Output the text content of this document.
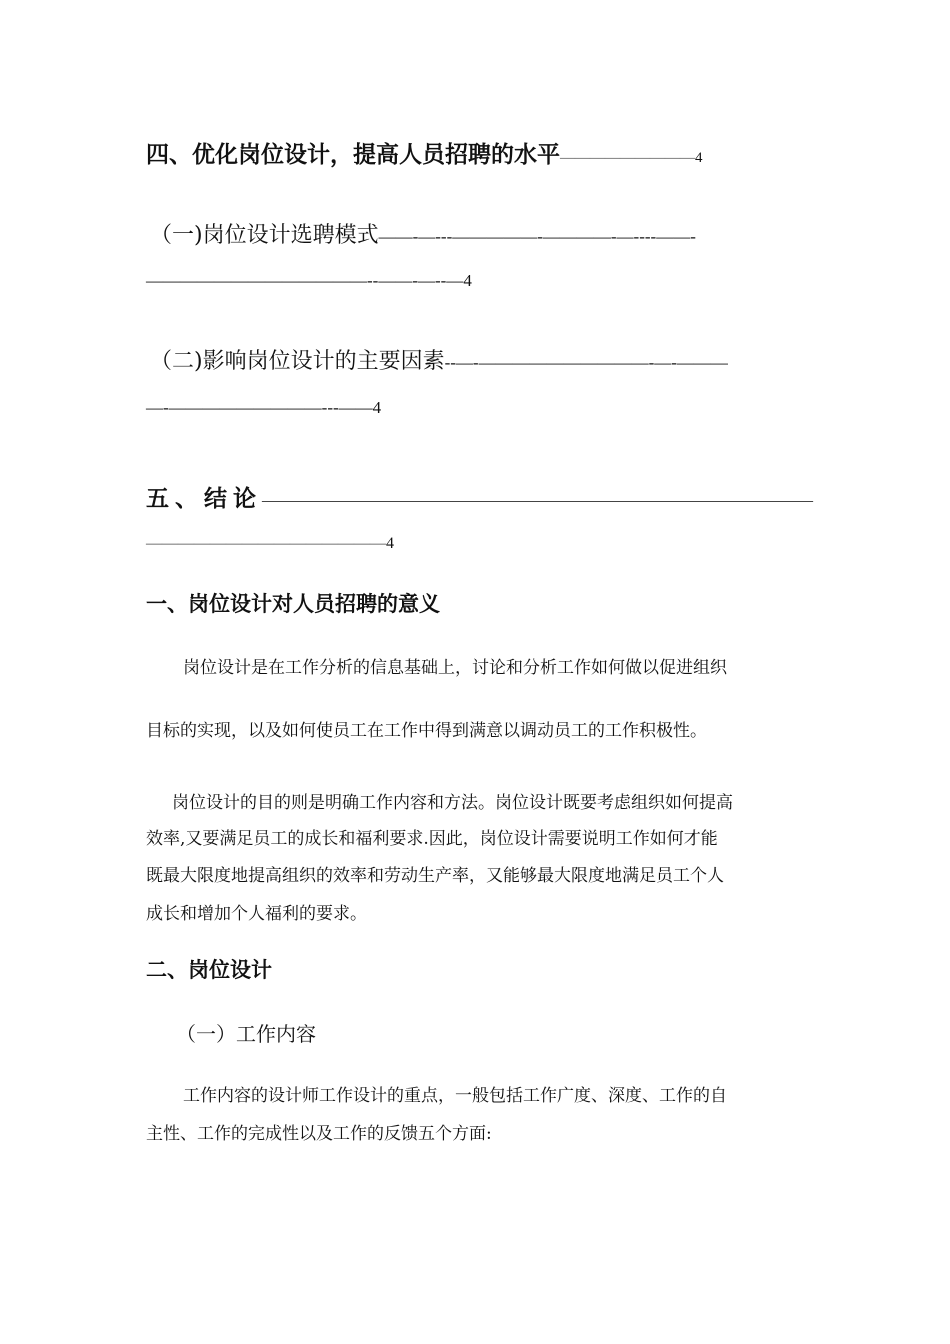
四、优化岗位设计，提高人员招聘的水平—————————4
（一)岗位设计选聘模式——-—---—————-————-—----——-
—————————————--——-—--—4
（二)影响岗位设计的主要因素--—-——————————-—-———
—-—————————---——4
五、结论—————————————————————————————
———————————————4
一、岗位设计对人员招聘的意义
岗位设计是在工作分析的信息基础上，讨论和分析工作如何做以促进组织
目标的实现，以及如何使员工在工作中得到满意以调动员工的工作积极性。
岗位设计的目的则是明确工作内容和方法。岗位设计既要考虑组织如何提高
效率,又要满足员工的成长和福利要求.因此，岗位设计需要说明工作如何才能
既最大限度地提高组织的效率和劳动生产率，又能够最大限度地满足员工个人
成长和增加个人福利的要求。
二、岗位设计
（一）工作内容
工作内容的设计师工作设计的重点，一般包括工作广度、深度、工作的自
主性、工作的完成性以及工作的反馈五个方面:
